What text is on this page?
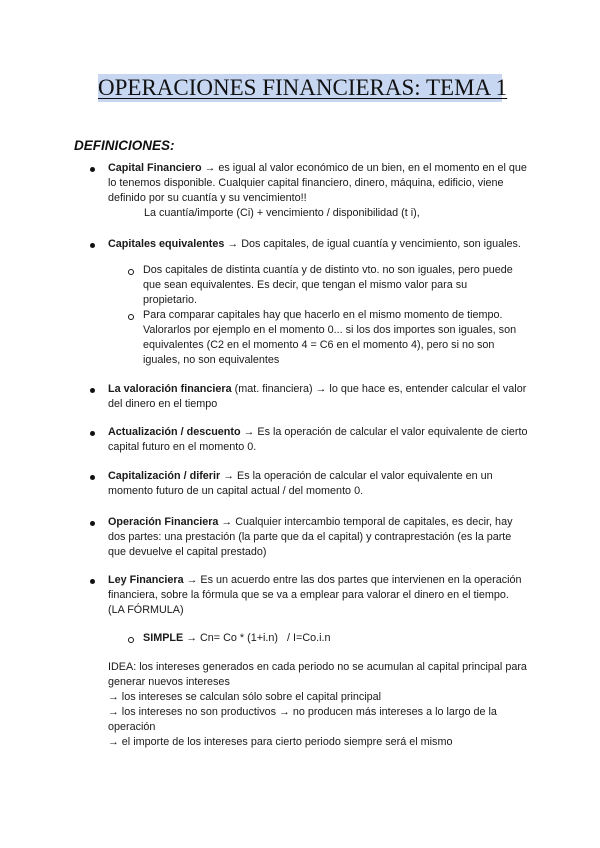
OPERACIONES FINANCIERAS: TEMA 1
DEFINICIONES:
Capital Financiero → es igual al valor económico de un bien, en el momento en el que lo tenemos disponible. Cualquier capital financiero, dinero, máquina, edificio, viene definido por su cuantía y su vencimiento!!
La cuantía/importe (Ci) + vencimiento / disponibilidad (t i),
Capitales equivalentes → Dos capitales, de igual cuantía y vencimiento, son iguales.
Dos capitales de distinta cuantía y de distinto vto. no son iguales, pero puede que sean equivalentes. Es decir, que tengan el mismo valor para su propietario.
Para comparar capitales hay que hacerlo en el mismo momento de tiempo. Valorarlos por ejemplo en el momento 0... si los dos importes son iguales, son equivalentes (C2 en el momento 4 = C6 en el momento 4), pero si no son iguales, no son equivalentes
La valoración financiera (mat. financiera) → lo que hace es, entender calcular el valor del dinero en el tiempo
Actualización / descuento → Es la operación de calcular el valor equivalente de cierto capital futuro en el momento 0.
Capitalización / diferir → Es la operación de calcular el valor equivalente en un momento futuro de un capital actual / del momento 0.
Operación Financiera → Cualquier intercambio temporal de capitales, es decir, hay dos partes: una prestación (la parte que da el capital) y contraprestación (es la parte que devuelve el capital prestado)
Ley Financiera → Es un acuerdo entre las dos partes que intervienen en la operación financiera, sobre la fórmula que se va a emplear para valorar el dinero en el tiempo. (LA FÓRMULA)
SIMPLE → Cn= Co * (1+i.n)   / I=Co.i.n
IDEA: los intereses generados en cada periodo no se acumulan al capital principal para generar nuevos intereses
→ los intereses se calculan sólo sobre el capital principal
→ los intereses no son productivos → no producen más intereses a lo largo de la operación
→ el importe de los intereses para cierto periodo siempre será el mismo
